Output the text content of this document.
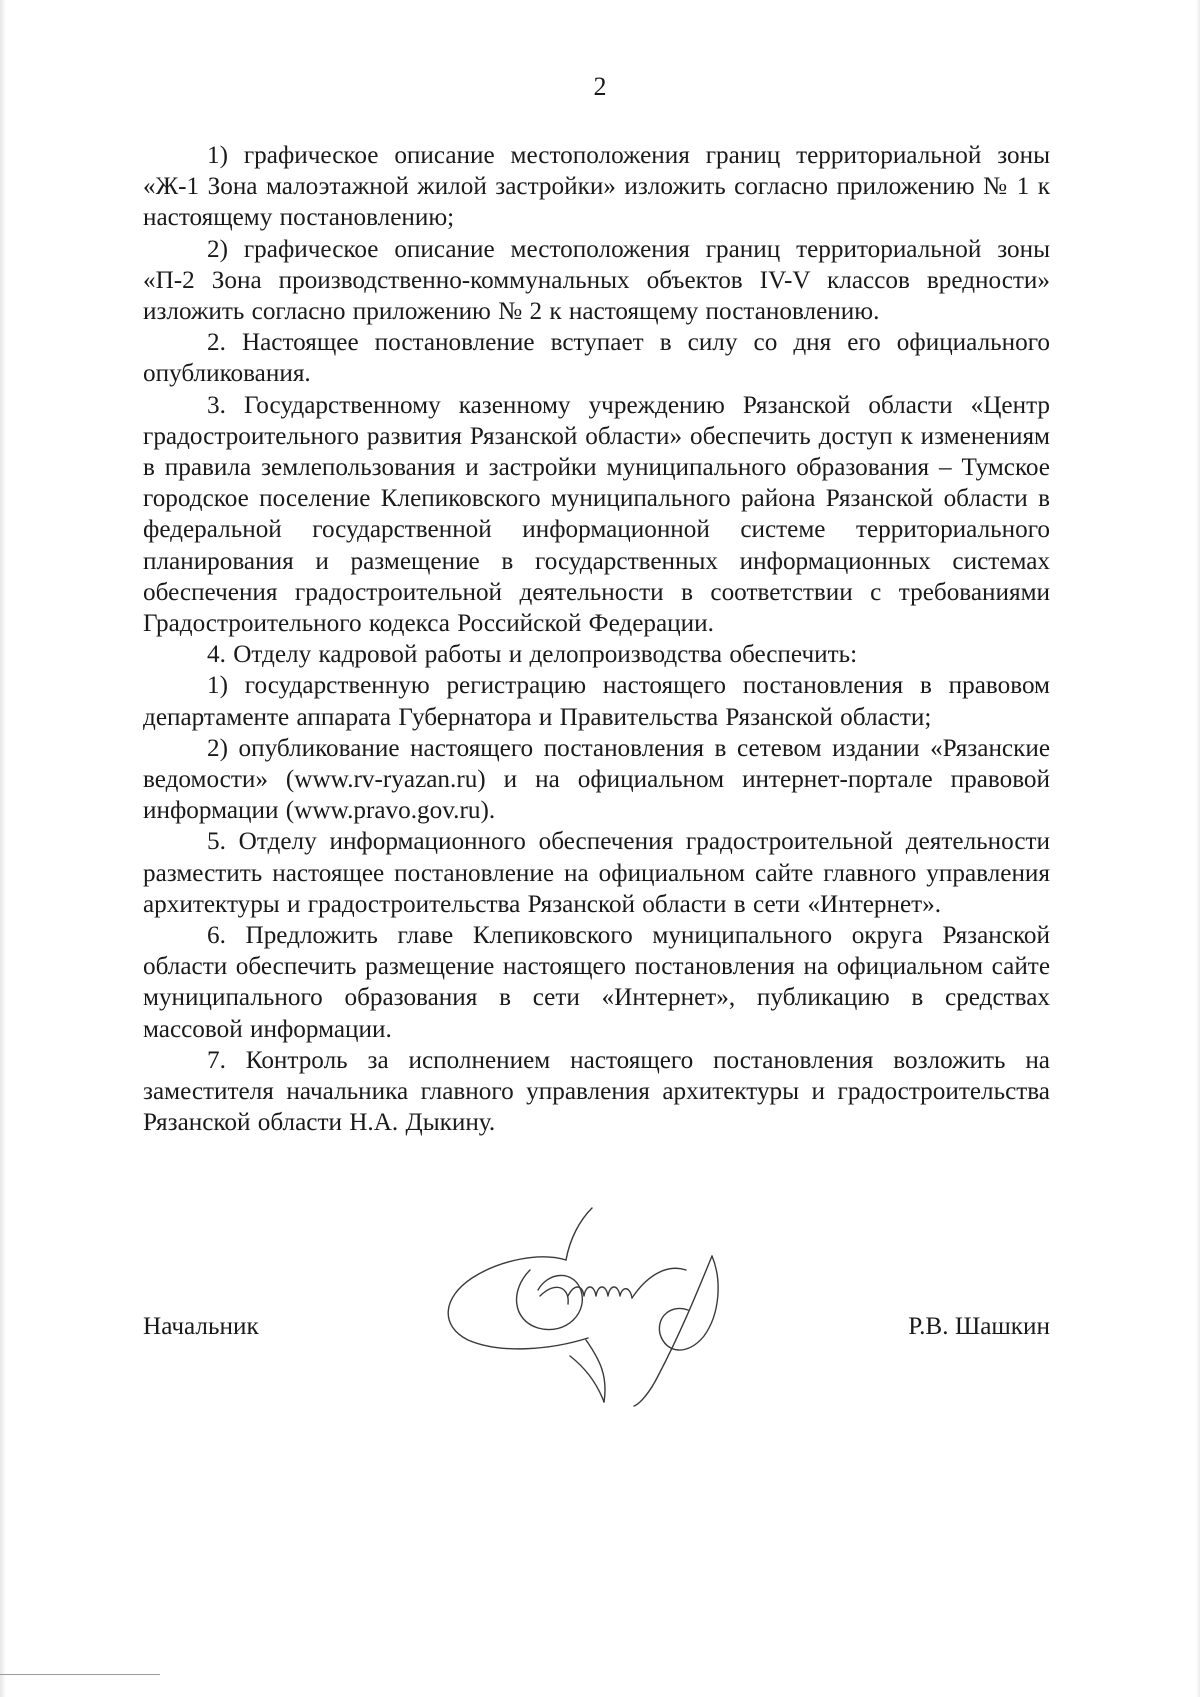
2

1) графическое описание местоположения границ территориальной зоны «Ж-1 Зона малоэтажной жилой застройки» изложить согласно приложению № 1 к настоящему постановлению;

2) графическое описание местоположения границ территориальной зоны «П-2 Зона производственно-коммунальных объектов IV-V классов вредности» изложить согласно приложению № 2 к настоящему постановлению.

2. Настоящее постановление вступает в силу со дня его официального опубликования.

3. Государственному казенному учреждению Рязанской области «Центр градостроительного развития Рязанской области» обеспечить доступ к изменениям в правила землепользования и застройки муниципального образования – Тумское городское поселение Клепиковского муниципального района Рязанской области в федеральной государственной информационной системе территориального планирования и размещение в государственных информационных системах обеспечения градостроительной деятельности в соответствии с требованиями Градостроительного кодекса Российской Федерации.

4. Отделу кадровой работы и делопроизводства обеспечить:

1) государственную регистрацию настоящего постановления в правовом департаменте аппарата Губернатора и Правительства Рязанской области;

2) опубликование настоящего постановления в сетевом издании «Рязанские ведомости» (www.rv-ryazan.ru) и на официальном интернет-портале правовой информации (www.pravo.gov.ru).

5. Отделу информационного обеспечения градостроительной деятельности разместить настоящее постановление на официальном сайте главного управления архитектуры и градостроительства Рязанской области в сети «Интернет».

6. Предложить главе Клепиковского муниципального округа Рязанской области обеспечить размещение настоящего постановления на официальном сайте муниципального образования в сети «Интернет», публикацию в средствах массовой информации.

7. Контроль за исполнением настоящего постановления возложить на заместителя начальника главного управления архитектуры и градостроительства Рязанской области Н.А. Дыкину.

Начальник	Р.В. Шашкин
